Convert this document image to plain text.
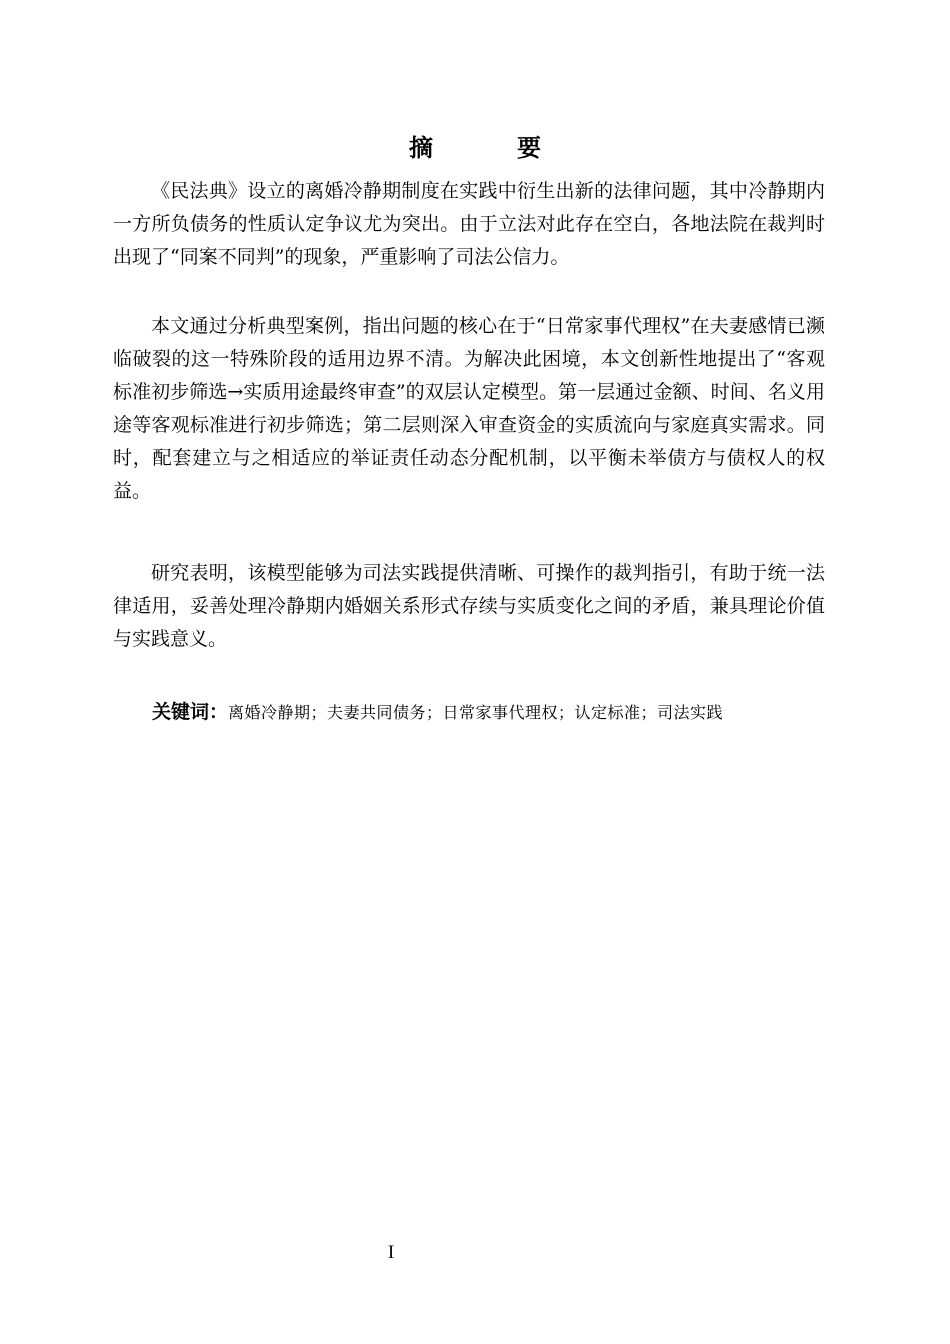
摘　要

《民法典》设立的离婚冷静期制度在实践中衍生出新的法律问题，其中冷静期内一方所负债务的性质认定争议尤为突出。由于立法对此存在空白，各地法院在裁判时出现了“同案不同判”的现象，严重影响了司法公信力。

本文通过分析典型案例，指出问题的核心在于“日常家事代理权”在夫妻感情已濒临破裂的这一特殊阶段的适用边界不清。为解决此困境，本文创新性地提出了“客观标准初步筛选→实质用途最终审查”的双层认定模型。第一层通过金额、时间、名义用途等客观标准进行初步筛选；第二层则深入审查资金的实质流向与家庭真实需求。同时，配套建立与之相适应的举证责任动态分配机制，以平衡未举债方与债权人的权益。

研究表明，该模型能够为司法实践提供清晰、可操作的裁判指引，有助于统一法律适用，妥善处理冷静期内婚姻关系形式存续与实质变化之间的矛盾，兼具理论价值与实践意义。

关键词：离婚冷静期；夫妻共同债务；日常家事代理权；认定标准；司法实践
I
